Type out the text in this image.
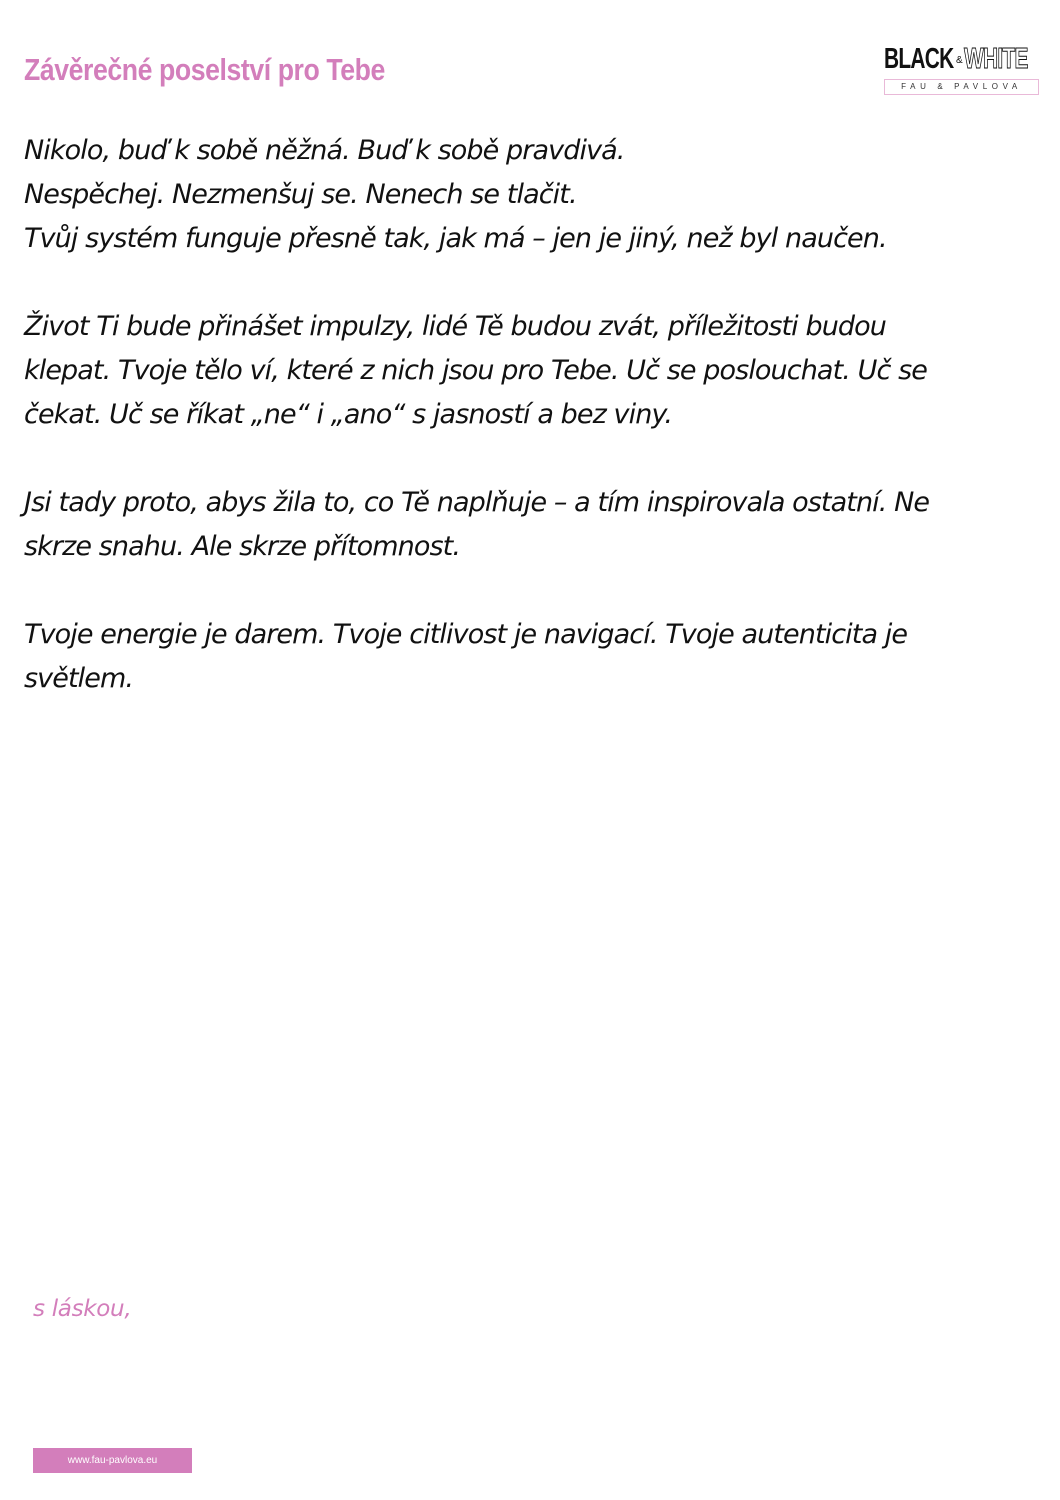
Závěrečné poselství pro Tebe	BLACK & WHITE
FAU & PAVLOVA

Nikolo, buď k sobě něžná. Buď k sobě pravdivá.
Nespěchej. Nezmenšuj se. Nenech se tlačit.
Tvůj systém funguje přesně tak, jak má – jen je jiný, než byl naučen.

Život Ti bude přinášet impulzy, lidé Tě budou zvát, příležitosti budou
klepat. Tvoje tělo ví, které z nich jsou pro Tebe. Uč se poslouchat. Uč se
čekat. Uč se říkat „ne“ i „ano“ s jasností a bez viny.

Jsi tady proto, abys žila to, co Tě naplňuje – a tím inspirovala ostatní. Ne
skrze snahu. Ale skrze přítomnost.

Tvoje energie je darem. Tvoje citlivost je navigací. Tvoje autenticita je
světlem.

s láskou,

www.fau-pavlova.eu
